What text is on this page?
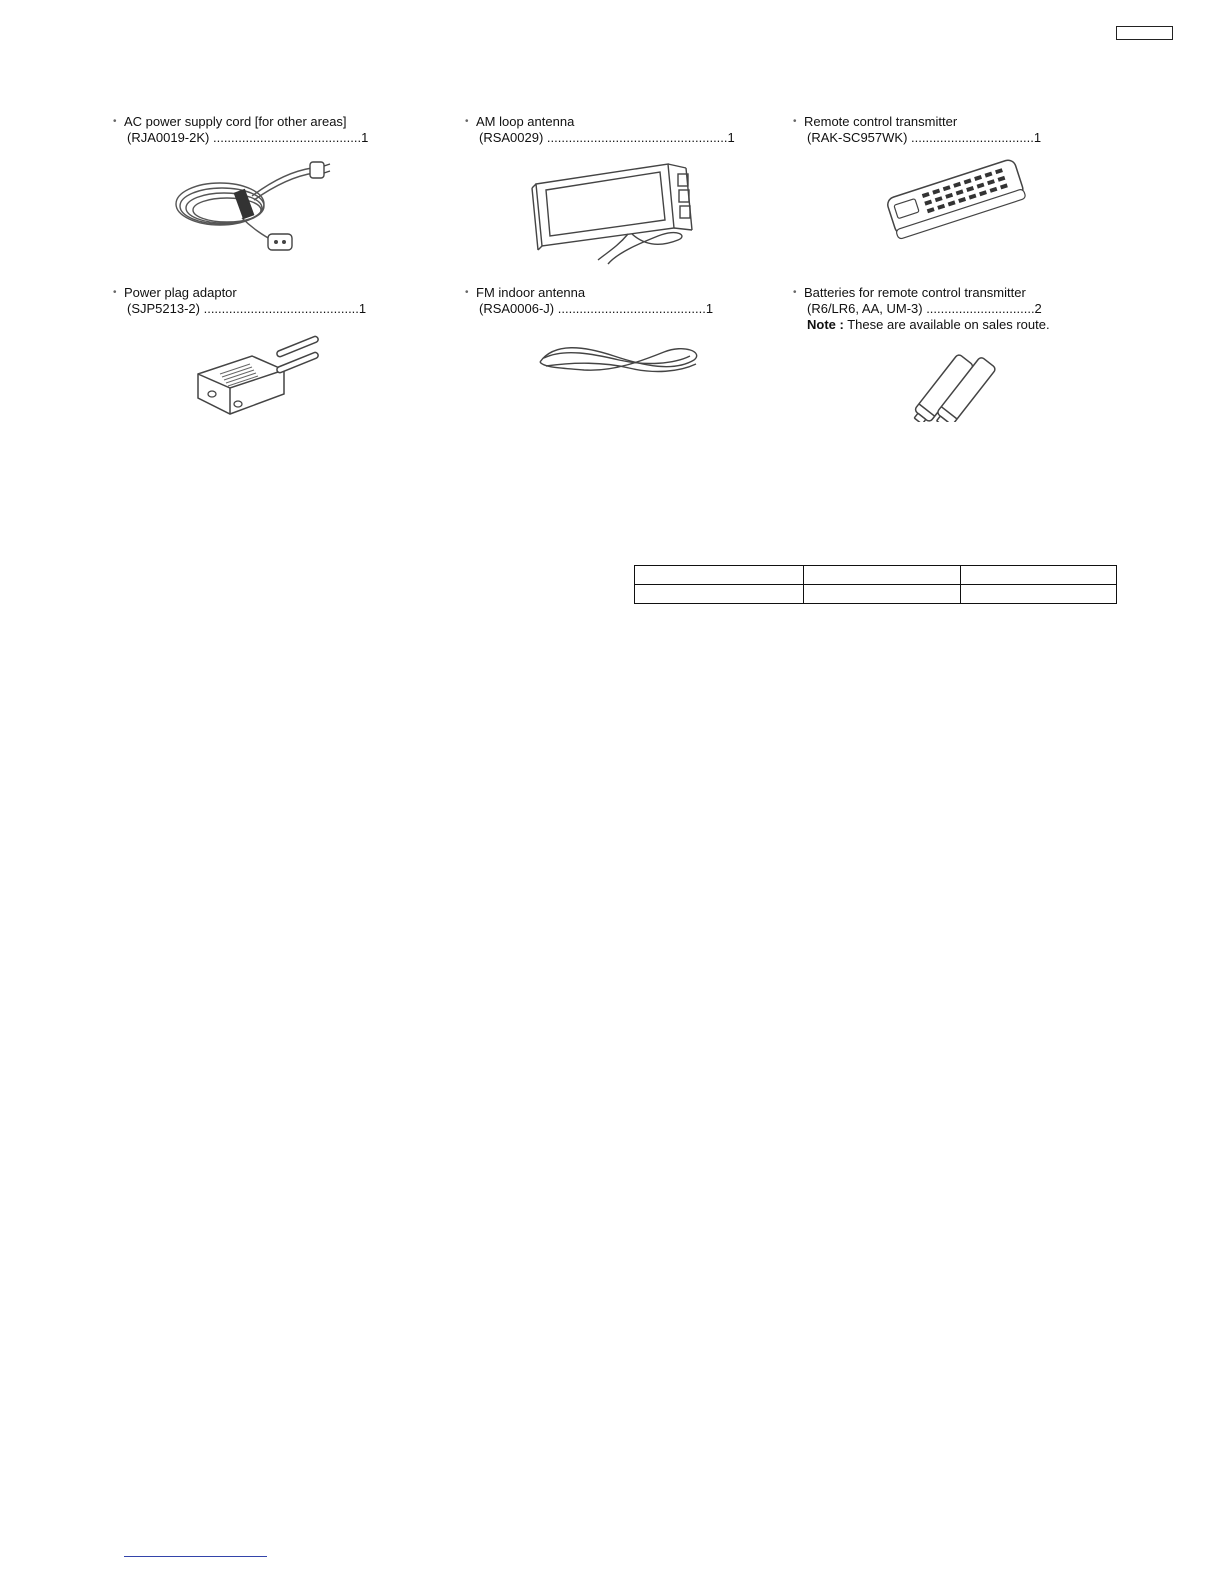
• AC power supply cord [for other areas]
(RJA0019-2K) .........................................1
• AM loop antenna
(RSA0029) ..................................................1
• Remote control transmitter
(RAK-SC957WK) ..................................1
• Power plag adaptor
(SJP5213-2) ...........................................1
• FM indoor antenna
(RSA0006-J) .........................................1
• Batteries for remote control transmitter
(R6/LR6, AA, UM-3) ..............................2
Note : These are available on sales route.
